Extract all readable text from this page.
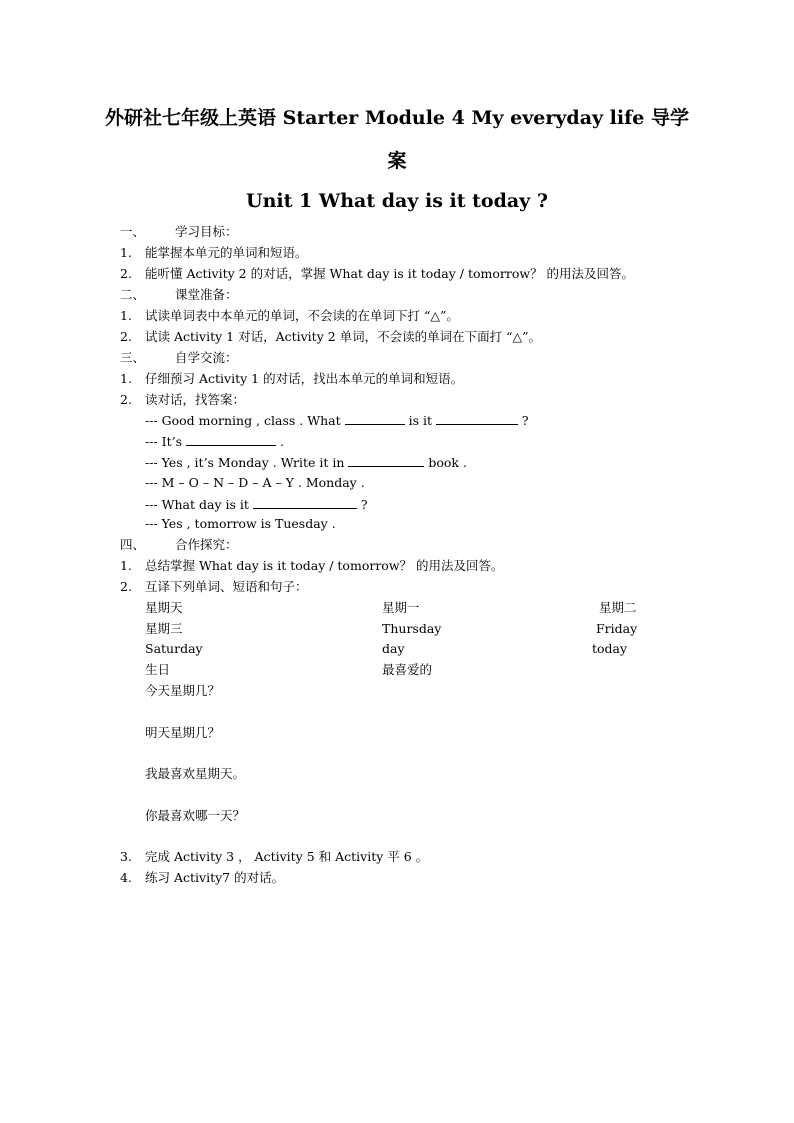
外研社七年级上英语 Starter Module 4 My everyday life 导学
案
Unit 1 What day is it today ?
一、 学习目标：
1.	能掌握本单元的单词和短语。
2.	能听懂 Activity 2 的对话，掌握 What day is it today / tomorrow？ 的用法及回答。
二、 课堂准备：
1.	试读单词表中本单元的单词，不会读的在单词下打 “△”。
2.	试读 Activity 1 对话，Activity 2 单词，不会读的单词在下面打 “△”。
三、 自学交流：
1.	仔细预习 Activity 1 的对话，找出本单元的单词和短语。
2.	读对话，找答案：
--- Good morning , class . What	is it	?
--- It’s	.
--- Yes , it’s Monday . Write it in	book .
--- M – O – N – D – A – Y . Monday .
--- What day is it	?
--- Yes , tomorrow is Tuesday .
四、 合作探究：
1.	总结掌握 What day is it today / tomorrow？ 的用法及回答。
2.	互译下列单词、短语和句子：
星期天	星期一	星期二
星期三	Thursday	Friday
Saturday	day	today
生日	最喜爱的
今天星期几？
明天星期几？
我最喜欢星期天。
你最喜欢哪一天？
3.	完成 Activity 3 ， Activity 5 和 Activity 平 6 。
4.	练习 Activity7 的对话。
